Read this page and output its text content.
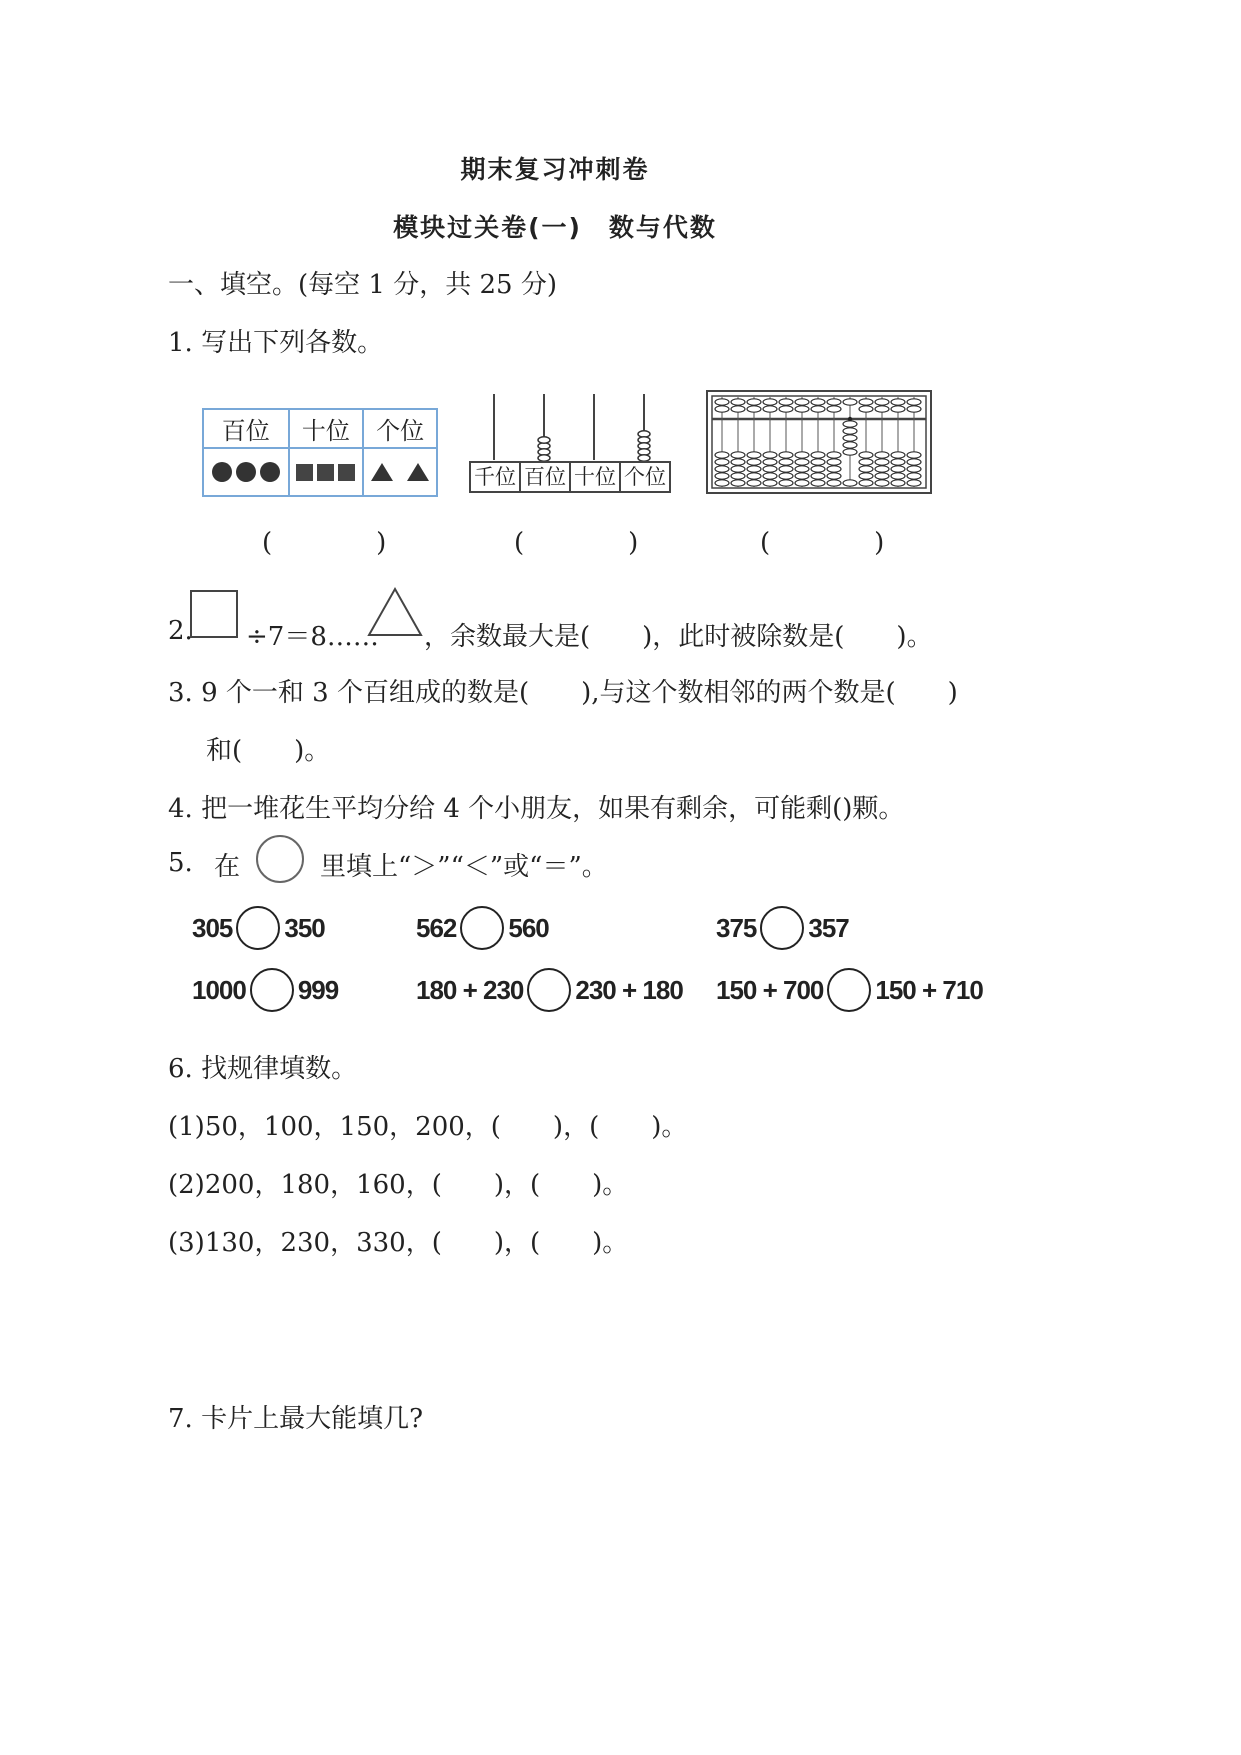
期末复习冲刺卷
模块过关卷(一)　数与代数
一、填空。(每空 1 分，共 25 分)
1. 写出下列各数。
百位	十位	个位

千位 百位 十位 个位
(　　　　)	(　　　　)	(　　　　)
2. ÷7＝8…… ，余数最大是(　　)，此时被除数是(　　)。
3. 9 个一和 3 个百组成的数是(　　),与这个数相邻的两个数是(　　)
和(　　)。
4. 把一堆花生平均分给 4 个小朋友，如果有剩余，可能剩()颗。
5. 在	里填上“＞”“＜”或“＝”。
305 350	562 560	375 357
1000 999	180 + 230 230 + 180 150 + 700 150 + 710
6. 找规律填数。
(1)50，100，150，200，(　　)，(　　)。
(2)200，180，160，(　　)，(　　)。
(3)130，230，330，(　　)，(　　)。
7. 卡片上最大能填几?
